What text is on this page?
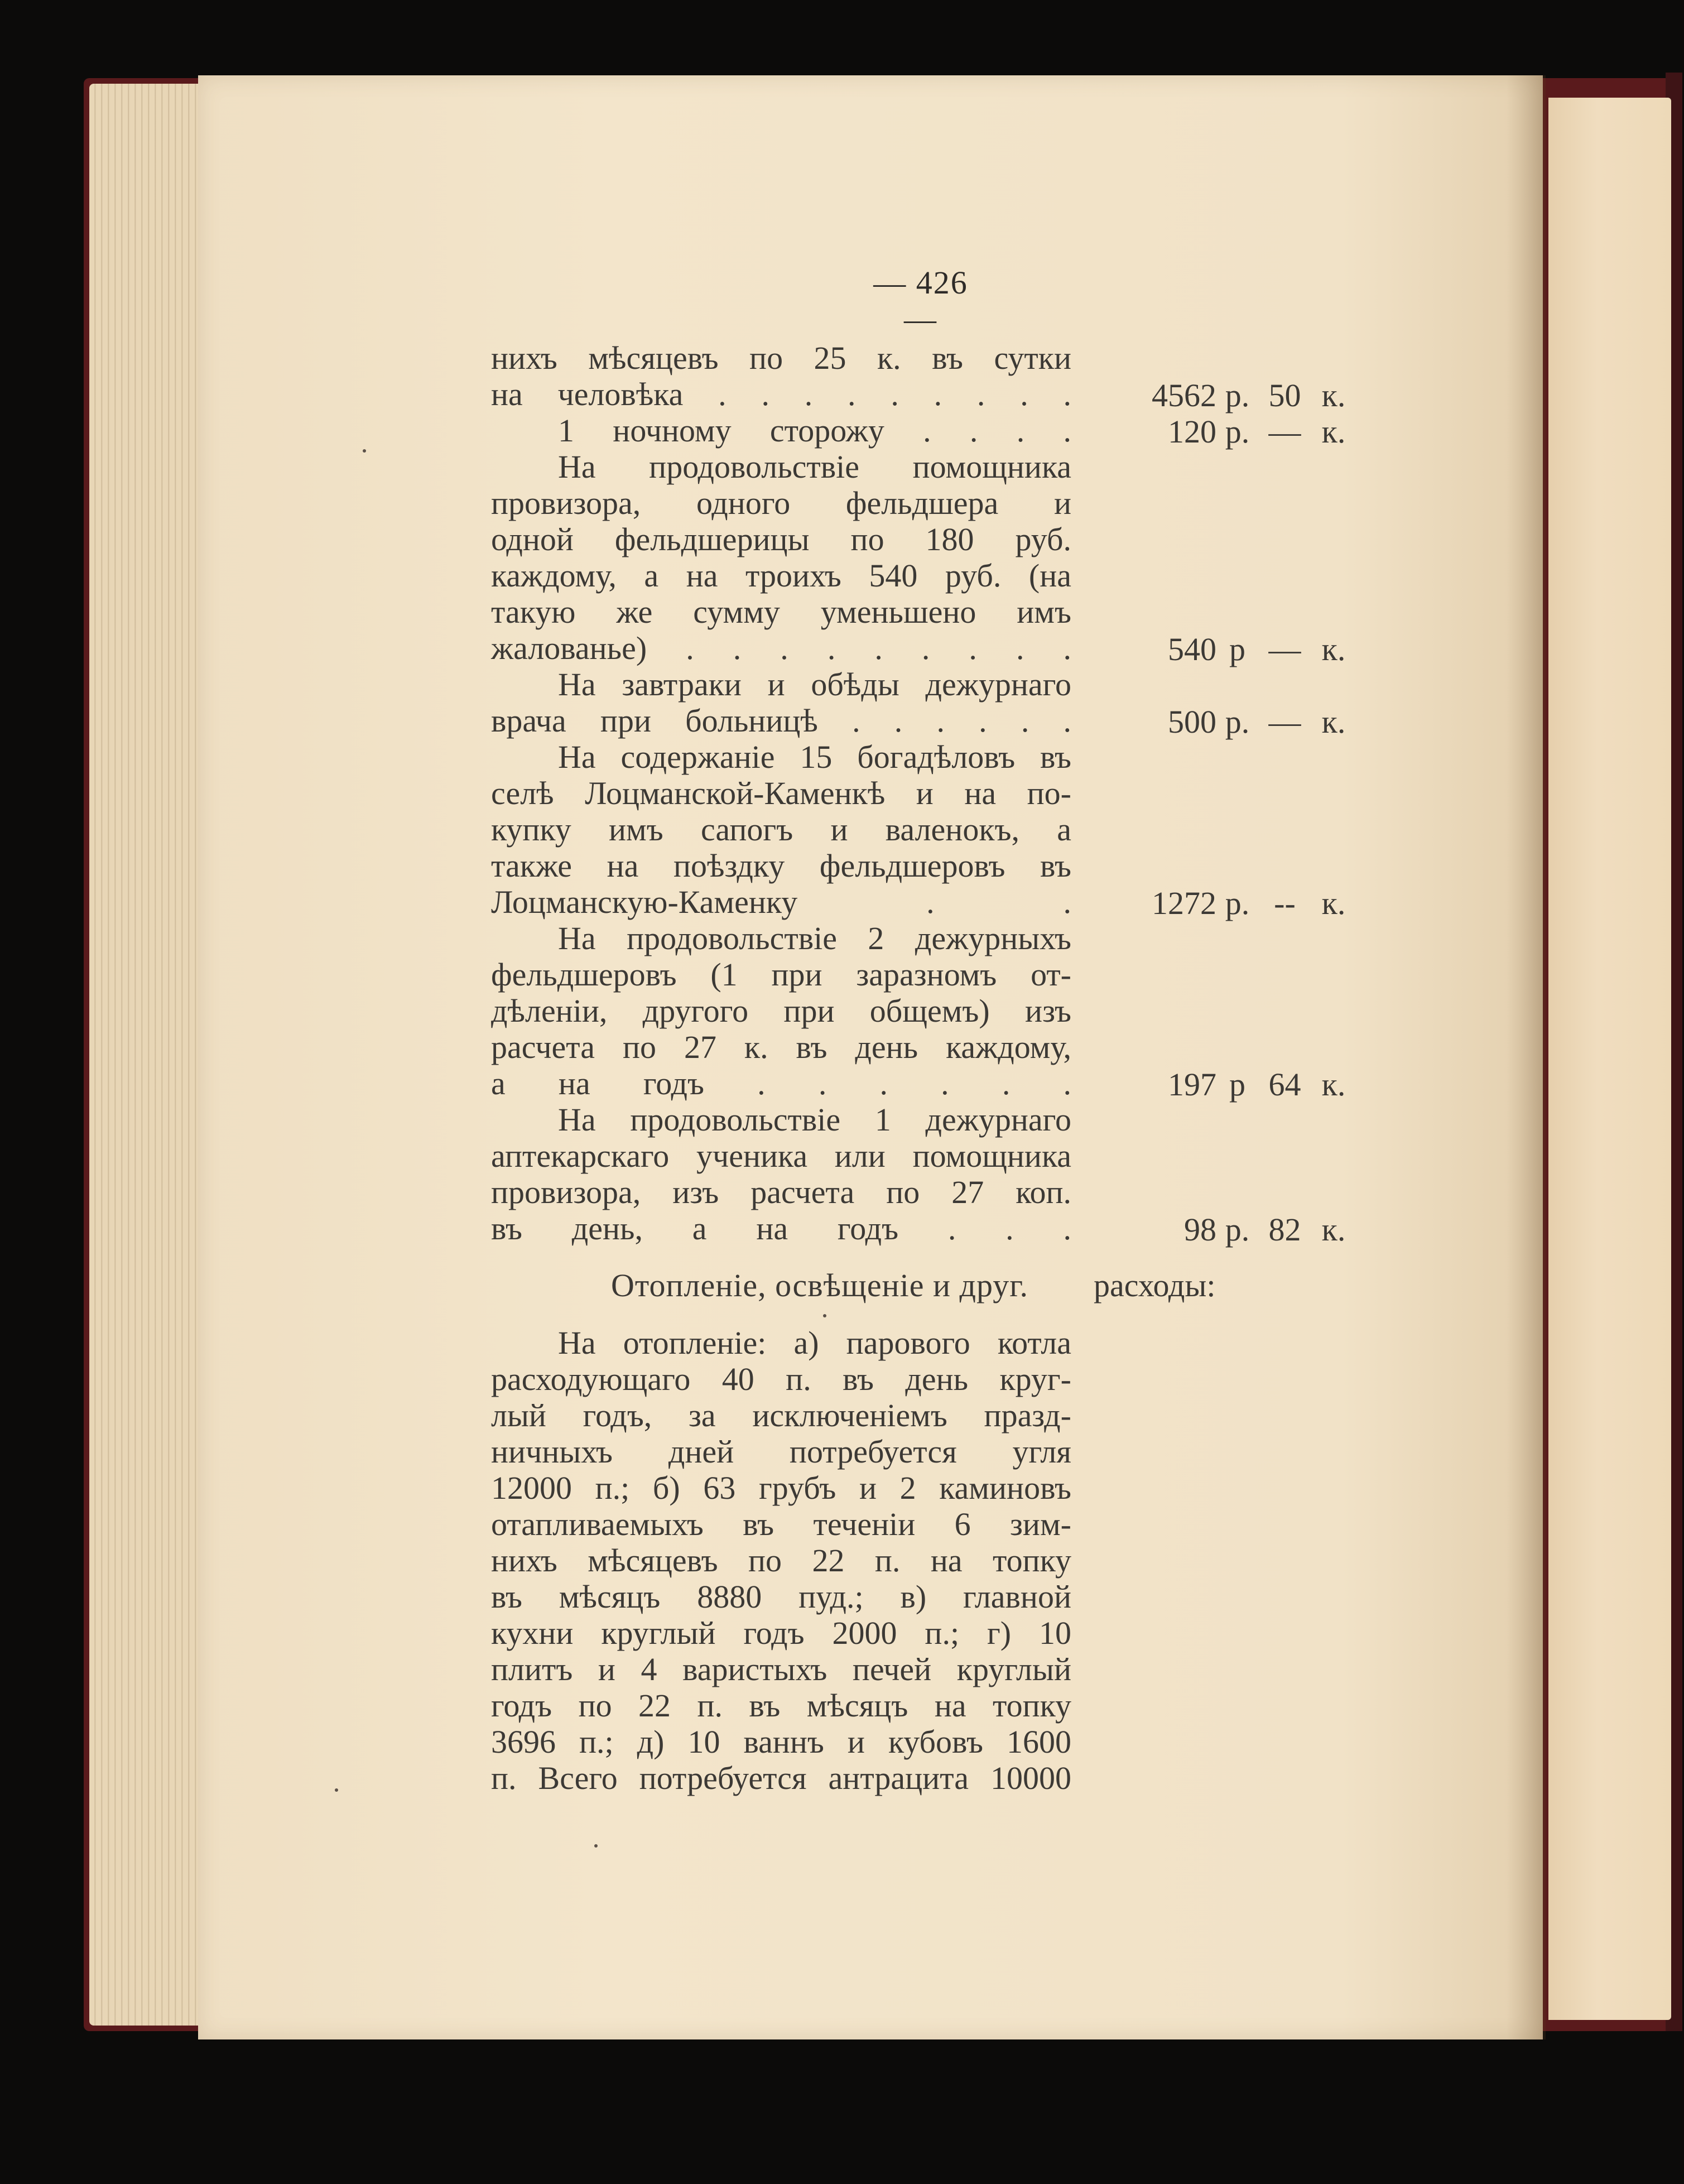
— 426 —
нихъ мѣсяцевъ по 25 к. въ сутки
на человѣка . . . . . . . . .
1 ночному сторожу . . . .
На продовольствіе помощника
провизора, одного фельдшера и
одной фельдшерицы по 180 руб.
каждому, а на троихъ 540 руб. (на
такую же сумму уменьшено имъ
жалованье) . . . . . . . . .
На завтраки и обѣды дежурнаго
врача при больницѣ . . . . . .
На содержаніе 15 богадѣловъ въ
селѣ Лоцманской-Каменкѣ и на по-
купку имъ сапогъ и валенокъ, а
также на поѣздку фельдшеровъ въ
Лоцманскую-Каменку . .
На продовольствіе 2 дежурныхъ
фельдшеровъ (1 при заразномъ от-
дѣленіи, другого при общемъ) изъ
расчета по 27 к. въ день каждому,
а на годъ . . . . . .
На продовольствіе 1 дежурнаго
аптекарскаго ученика или помощника
провизора, изъ расчета по 27 коп.
въ день, а на годъ . . .
4562 р. 50 к.
120 р. — к.
540 р — к.
500 р. — к.
1272 р. -- к.
197 р 64 к.
98 р. 82 к.
Отопленіе, освѣщеніе и друг. расходы:
На отопленіе: а) парового котла
расходующаго 40 п. въ день круг-
лый годъ, за исключеніемъ празд-
ничныхъ дней потребуется угля
12000 п.; б) 63 грубъ и 2 каминовъ
отапливаемыхъ въ теченіи 6 зим-
нихъ мѣсяцевъ по 22 п. на топку
въ мѣсяцъ 8880 пуд.; в) главной
кухни круглый годъ 2000 п.; г) 10
плитъ и 4 варистыхъ печей круглый
годъ по 22 п. въ мѣсяцъ на топку
3696 п.; д) 10 ваннъ и кубовъ 1600
п. Всего потребуется антрацита 10000
